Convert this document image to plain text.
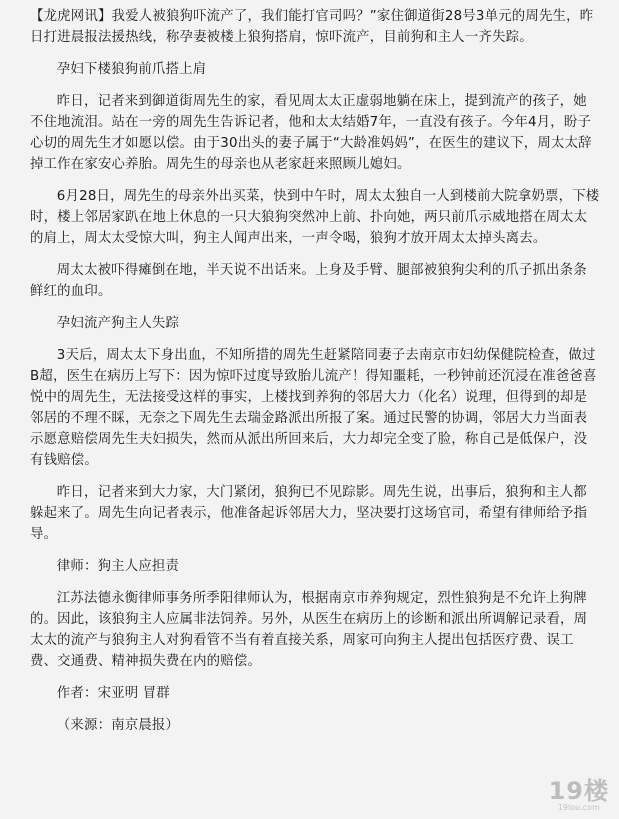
【龙虎网讯】我爱人被狼狗吓流产了，我们能打官司吗？”家住御道街28号3单元的周先生，昨日打进晨报法援热线，称孕妻被楼上狼狗搭肩，惊吓流产，目前狗和主人一齐失踪。

孕妇下楼狼狗前爪搭上肩

昨日，记者来到御道街周先生的家，看见周太太正虚弱地躺在床上，提到流产的孩子，她不住地流泪。站在一旁的周先生告诉记者，他和太太结婚7年，一直没有孩子。今年4月，盼子心切的周先生才如愿以偿。由于30出头的妻子属于“大龄准妈妈”，在医生的建议下，周太太辞掉工作在家安心养胎。周先生的母亲也从老家赶来照顾儿媳妇。

6月28日，周先生的母亲外出买菜，快到中午时，周太太独自一人到楼前大院拿奶票，下楼时，楼上邻居家趴在地上休息的一只大狼狗突然冲上前、扑向她，两只前爪示威地搭在周太太的肩上，周太太受惊大叫，狗主人闻声出来，一声令喝，狼狗才放开周太太掉头离去。

周太太被吓得瘫倒在地，半天说不出话来。上身及手臂、腿部被狼狗尖利的爪子抓出条条鲜红的血印。

孕妇流产狗主人失踪

3天后，周太太下身出血，不知所措的周先生赶紧陪同妻子去南京市妇幼保健院检查，做过B超，医生在病历上写下：因为惊吓过度导致胎儿流产！得知噩耗，一秒钟前还沉浸在准爸爸喜悦中的周先生，无法接受这样的事实，上楼找到养狗的邻居大力（化名）说理，但得到的却是邻居的不理不睬，无奈之下周先生去瑞金路派出所报了案。通过民警的协调，邻居大力当面表示愿意赔偿周先生夫妇损失，然而从派出所回来后，大力却完全变了脸，称自己是低保户，没有钱赔偿。

昨日，记者来到大力家，大门紧闭，狼狗已不见踪影。周先生说，出事后，狼狗和主人都躲起来了。周先生向记者表示，他准备起诉邻居大力，坚决要打这场官司，希望有律师给予指导。

律师：狗主人应担责

江苏法德永衡律师事务所季阳律师认为，根据南京市养狗规定，烈性狼狗是不允许上狗牌的。因此，该狼狗主人应属非法饲养。另外，从医生在病历上的诊断和派出所调解记录看，周太太的流产与狼狗主人对狗看管不当有着直接关系，周家可向狗主人提出包括医疗费、误工费、交通费、精神损失费在内的赔偿。

作者：宋亚明 冒群

（来源：南京晨报）

19楼
19lou.com
